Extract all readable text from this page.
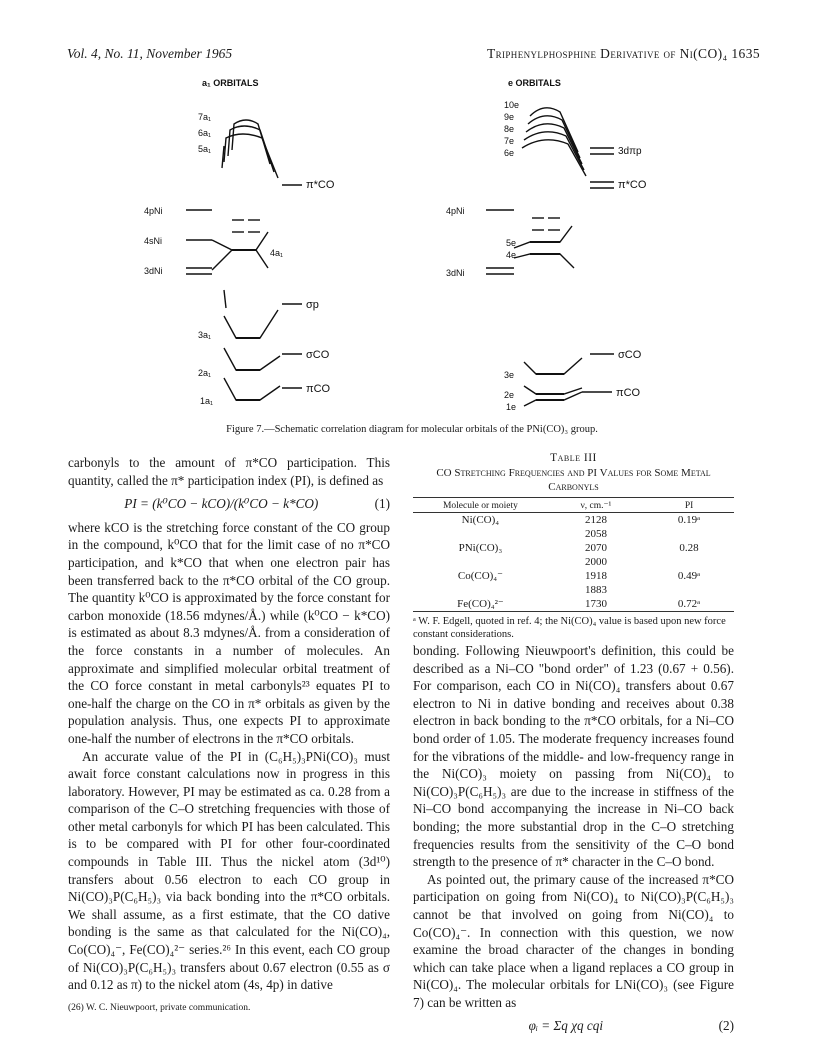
Vol. 4, No. 11, November 1965	Triphenylphosphine Derivative of Ni(CO)₄ 1635
a₁ ORBITALS	e ORBITALS
7a₁
6a₁
5a₁
π*CO
4pNi
4sNi
3dNi
4a₁
σp
3a₁
σCO
2a₁
πCO
1a₁
10e
9e
8e
7e
6e	3dπp
π*CO
4pNi
5e
4e
3dNi
σCO
3e
2e	πCO
1e
Figure 7.—Schematic correlation diagram for molecular orbitals of the PNi(CO)₃ group.

carbonyls to the amount of π*CO participation. This quantity, called the π* participation index (PI), is defined as

PI = (k⁰CO − kCO)/(k⁰CO − k*CO)	(1)

where kCO is the stretching force constant of the CO group in the compound, k⁰CO that for the limit case of no π*CO participation, and k*CO that when one electron pair has been transferred back to the π*CO orbital of the CO group. The quantity k⁰CO is approximated by the force constant for carbon monoxide (18.56 mdynes/Å.) while (k⁰CO − k*CO) is estimated as about 8.3 mdynes/Å. from a consideration of the force constants in a number of molecules. An approximate and simplified molecular orbital treatment of the CO force constant in metal carbonyls²³ equates PI to one-half the charge on the CO in π* orbitals as given by the population analysis. Thus, one expects PI to approximate one-half the number of electrons in the π*CO orbitals.

An accurate value of the PI in (C₆H₅)₃PNi(CO)₃ must await force constant calculations now in progress in this laboratory. However, PI may be estimated as ca. 0.28 from a comparison of the C–O stretching frequencies with those of other metal carbonyls for which PI has been calculated. This is to be compared with PI for other four-coordinated compounds in Table III. Thus the nickel atom (3d¹⁰) transfers about 0.56 electron to each CO group in Ni(CO)₃P(C₆H₅)₃ via back bonding into the π*CO orbitals. We shall assume, as a first estimate, that the CO dative bonding is the same as that calculated for the Ni(CO)₄, Co(CO)₄⁻, Fe(CO)₄²⁻ series.²⁶ In this event, each CO group of Ni(CO)₃P(C₆H₅)₃ transfers about 0.67 electron (0.55 as σ and 0.12 as π) to the nickel atom (4s, 4p) in dative

Table III
CO Stretching Frequencies and PI Values for Some Metal Carbonyls
Molecule or moiety	ν, cm.⁻¹	PI
Ni(CO)₄	2128	0.19ᵃ
	2058	
PNi(CO)₃	2070	0.28
	2000	
Co(CO)₄⁻	1918	0.49ᵃ
	1883	
Fe(CO)₄²⁻	1730	0.72ᵃ
ᵃ W. F. Edgell, quoted in ref. 4; the Ni(CO)₄ value is based upon new force constant considerations.

bonding. Following Nieuwpoort's definition, this could be described as a Ni–CO "bond order" of 1.23 (0.67 + 0.56). For comparison, each CO in Ni(CO)₄ transfers about 0.67 electron to Ni in dative bonding and receives about 0.38 electron in back bonding to the π*CO orbitals, for a Ni–CO bond order of 1.05. The moderate frequency increases found for the vibrations of the middle- and low-frequency range in the Ni(CO)₃ moiety on passing from Ni(CO)₄ to Ni(CO)₃P(C₆H₅)₃ are due to the increase in stiffness of the Ni–CO bond accompanying the increase in Ni–CO back bonding; the more substantial drop in the C–O stretching frequencies results from the sensitivity of the C–O bond strength to the presence of π* character in the C–O bond.

As pointed out, the primary cause of the increased π*CO participation on going from Ni(CO)₄ to Ni(CO)₃P(C₆H₅)₃ cannot be that involved on going from Ni(CO)₄ to Co(CO)₄⁻. In connection with this question, we now examine the broad character of the changes in bonding which can take place when a ligand replaces a CO group in Ni(CO)₄. The molecular orbitals for LNi(CO)₃ (see Figure 7) can be written as

φᵢ = Σq χq cqi	(2)
(26) W. C. Nieuwpoort, private communication.
